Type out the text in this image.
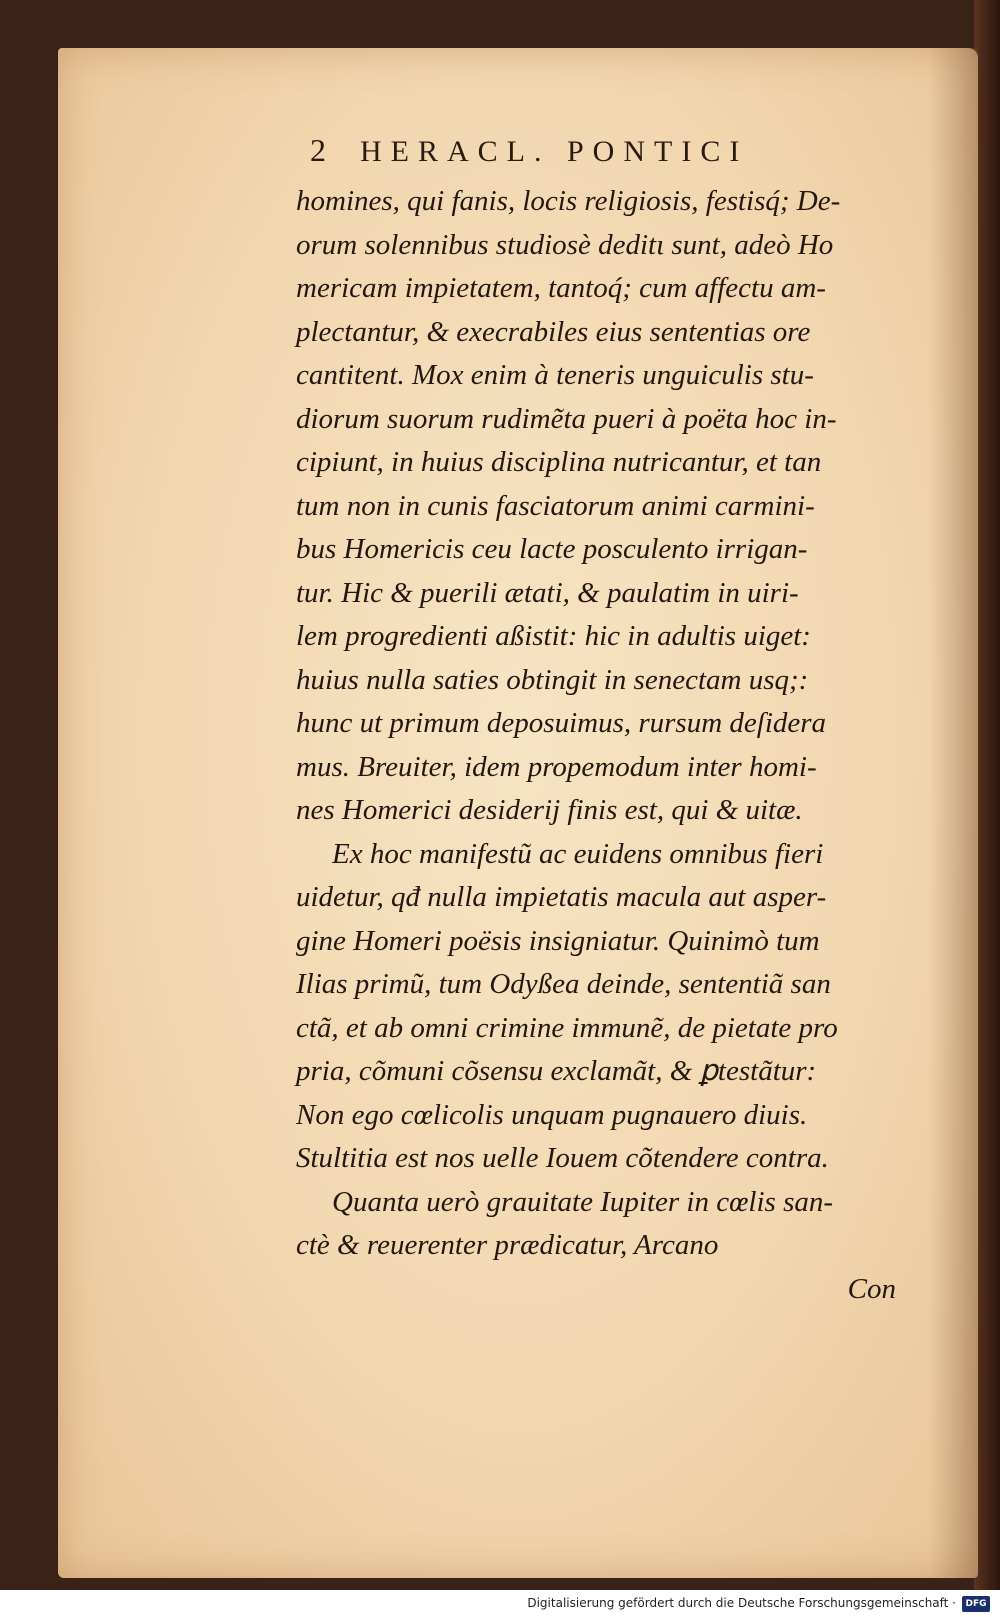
2 HERACL. PONTICI
homines, qui fanis, locis religiosis, festisq́; De-
orum solennibus studiosè deditι sunt, adeò Ho
mericam impietatem, tantoq́; cum affectu am-
plectantur, & execrabiles eius sententias ore
cantitent. Mox enim à teneris unguiculis stu-
diorum suorum rudimẽta pueri à poëta hoc in-
cipiunt, in huius disciplina nutricantur, et tan
tum non in cunis fasciatorum animi carmini-
bus Homericis ceu lacte posculento irrigan-
tur. Hic & puerili ætati, & paulatim in uiri-
lem progredienti aßistit: hic in adultis uiget:
huius nulla saties obtingit in senectam usq;:
hunc ut primum deposuimus, rursum deſidera
mus. Breuiter, idem propemodum inter homi-
nes Homerici desiderij finis est, qui & uitæ.
Ex hoc manifestũ ac euidens omnibus fieri
uidetur, qđ nulla impietatis macula aut asper-
gine Homeri poësis insigniatur. Quinimò tum
Ilias primũ, tum Odyßea deinde, sententiã san
ctã, et ab omni crimine immunẽ, de pietate pro
pria, cõmuni cõsensu exclamãt, & ꝑtestãtur:
Non ego cœlicolis unquam pugnauero diuis.
Stultitia est nos uelle Iouem cõtendere contra.
Quanta uerò grauitate Iupiter in cœlis san-
ctè & reuerenter prædicatur, Arcano
Con
Digitalisierung gefördert durch die Deutsche Forschungsgemeinschaft · DFG
